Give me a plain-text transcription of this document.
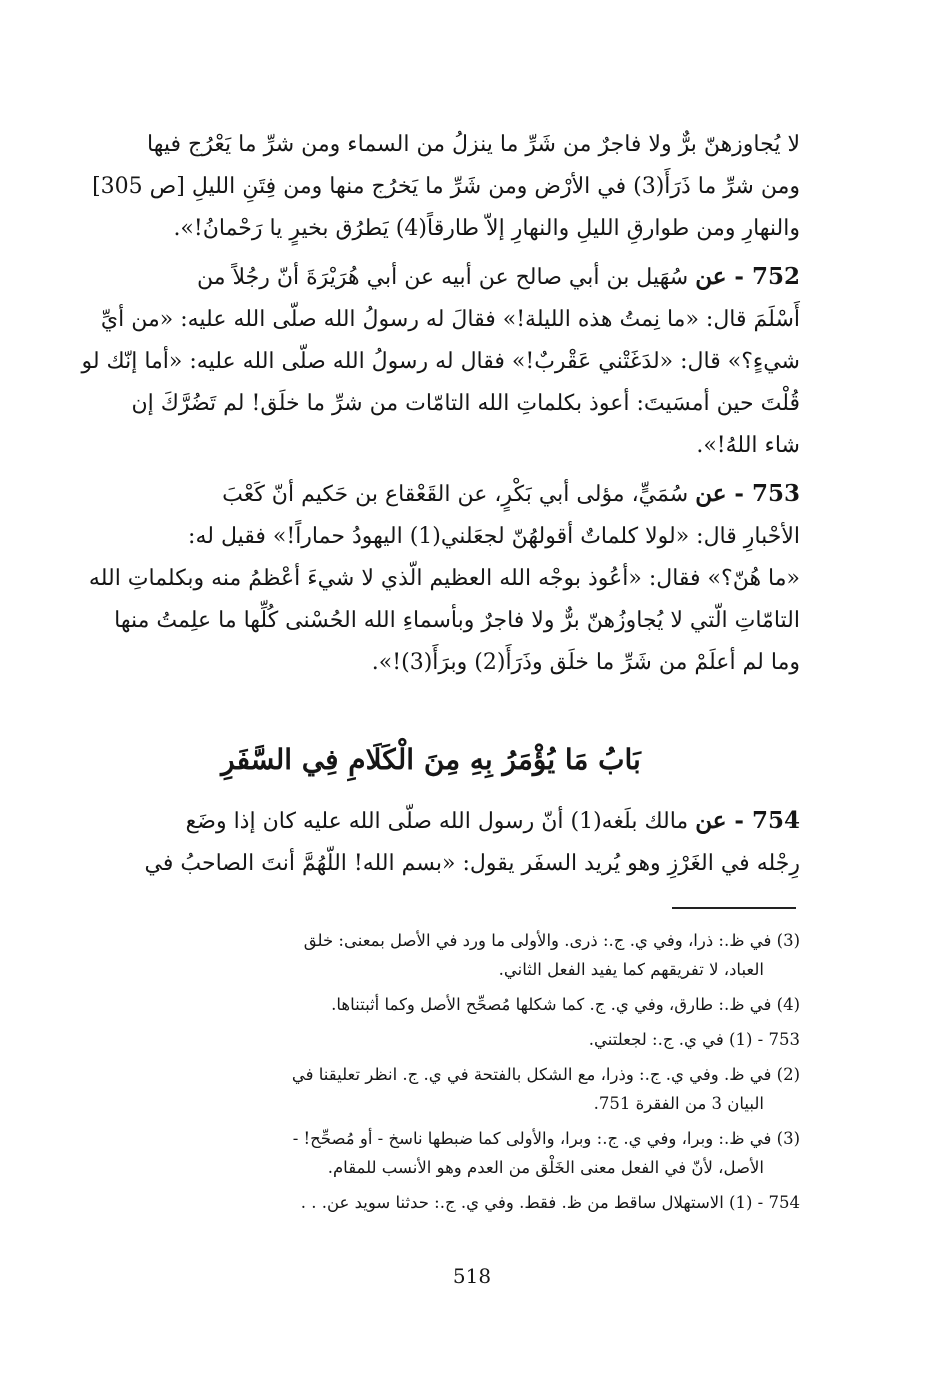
لا يُجاوزهنّ برٌّ ولا فاجرٌ من شَرِّ ما ينزلُ من السماء ومن شرِّ ما يَعْرُج فيها

ومن شرِّ ما ذَرَأَ(3) في الأرْض ومن شَرِّ ما يَخرُج منها ومن فِتَنِ الليلِ [ص 305]

والنهارِ ومن طوارقِ الليلِ والنهارِ إلاّ طارقاً(4) يَطرُق بخيرٍ يا رَحْمانُ!».

752 - عن سُهَيل بن أبي صالح عن أبيه عن أبي هُرَيْرَةَ أنّ رجُلاً من

أَسْلَمَ قال: «ما نِمتُ هذه الليلة!» فقالَ له رسولُ الله صلّى الله عليه: «من أيِّ

شيءٍ؟» قال: «لدَغَتْني عَقْربٌ!» فقال له رسولُ الله صلّى الله عليه: «أما إنّك لو

قُلْتَ حين أمسَيتَ: أعوذ بكلماتِ الله التامّات من شرِّ ما خلَق! لم تَضُرَّكَ إن

شاء اللهُ!».

753 - عن سُمَيٍّ، مؤلى أبي بَكْرٍ، عن القَعْقاع بن حَكيم أنّ كَعْبَ

الأحْبارِ قال: «لولا كلماتٌ أقولهُنّ لجعَلني(1) اليهودُ حماراً!» فقيل له:

«ما هُنّ؟» فقال: «أعُوذ بوجْه الله العظيم الّذي لا شيءَ أعْظمُ منه وبكلماتِ الله

التامّاتِ الّتي لا يُجاوزُهنّ برٌّ ولا فاجرٌ وبأسماءِ الله الحُسْنى كُلِّها ما علِمتُ منها

وما لم أعلَمْ من شَرِّ ما خلَق وذَرَأَ(2) وبرَأَ(3)!».

بَابُ مَا يُؤْمَرُ بِهِ مِنَ الْكَلَامِ فِي السَّفَرِ

754 - عن مالك بلَغه(1) أنّ رسول الله صلّى الله عليه كان إذا وضَع

رِجْله في الغَرْزِ وهو يُريد السفَر يقول: «بسم الله! اللّهُمَّ أنتَ الصاحبُ في

(3) في ظ.: ذرا، وفي ي. ج.: ذرى. والأولى ما ورد في الأصل بمعنى: خلق
العباد، لا تفريقهم كما يفيد الفعل الثاني.
(4) في ظ.: طارق، وفي ي. ج. كما شكلها مُصحِّح الأصل وكما أثبتناها.
753 - (1) في ي. ج.: لجعلتني.
(2) في ظ. وفي ي. ج.: وذرا، مع الشكل بالفتحة في ي. ج. انظر تعليقنا في
البيان 3 من الفقرة 751.
(3) في ظ.: وبرا، وفي ي. ج.: وبرا، والأولى كما ضبطها ناسخ - أو مُصحِّح! -
الأصل، لأنّ في الفعل معنى الخَلْق من العدم وهو الأنسب للمقام.
754 - (1) الاستهلال ساقط من ظ. فقط. وفي ي. ج.: حدثنا سويد عن. . .
518
